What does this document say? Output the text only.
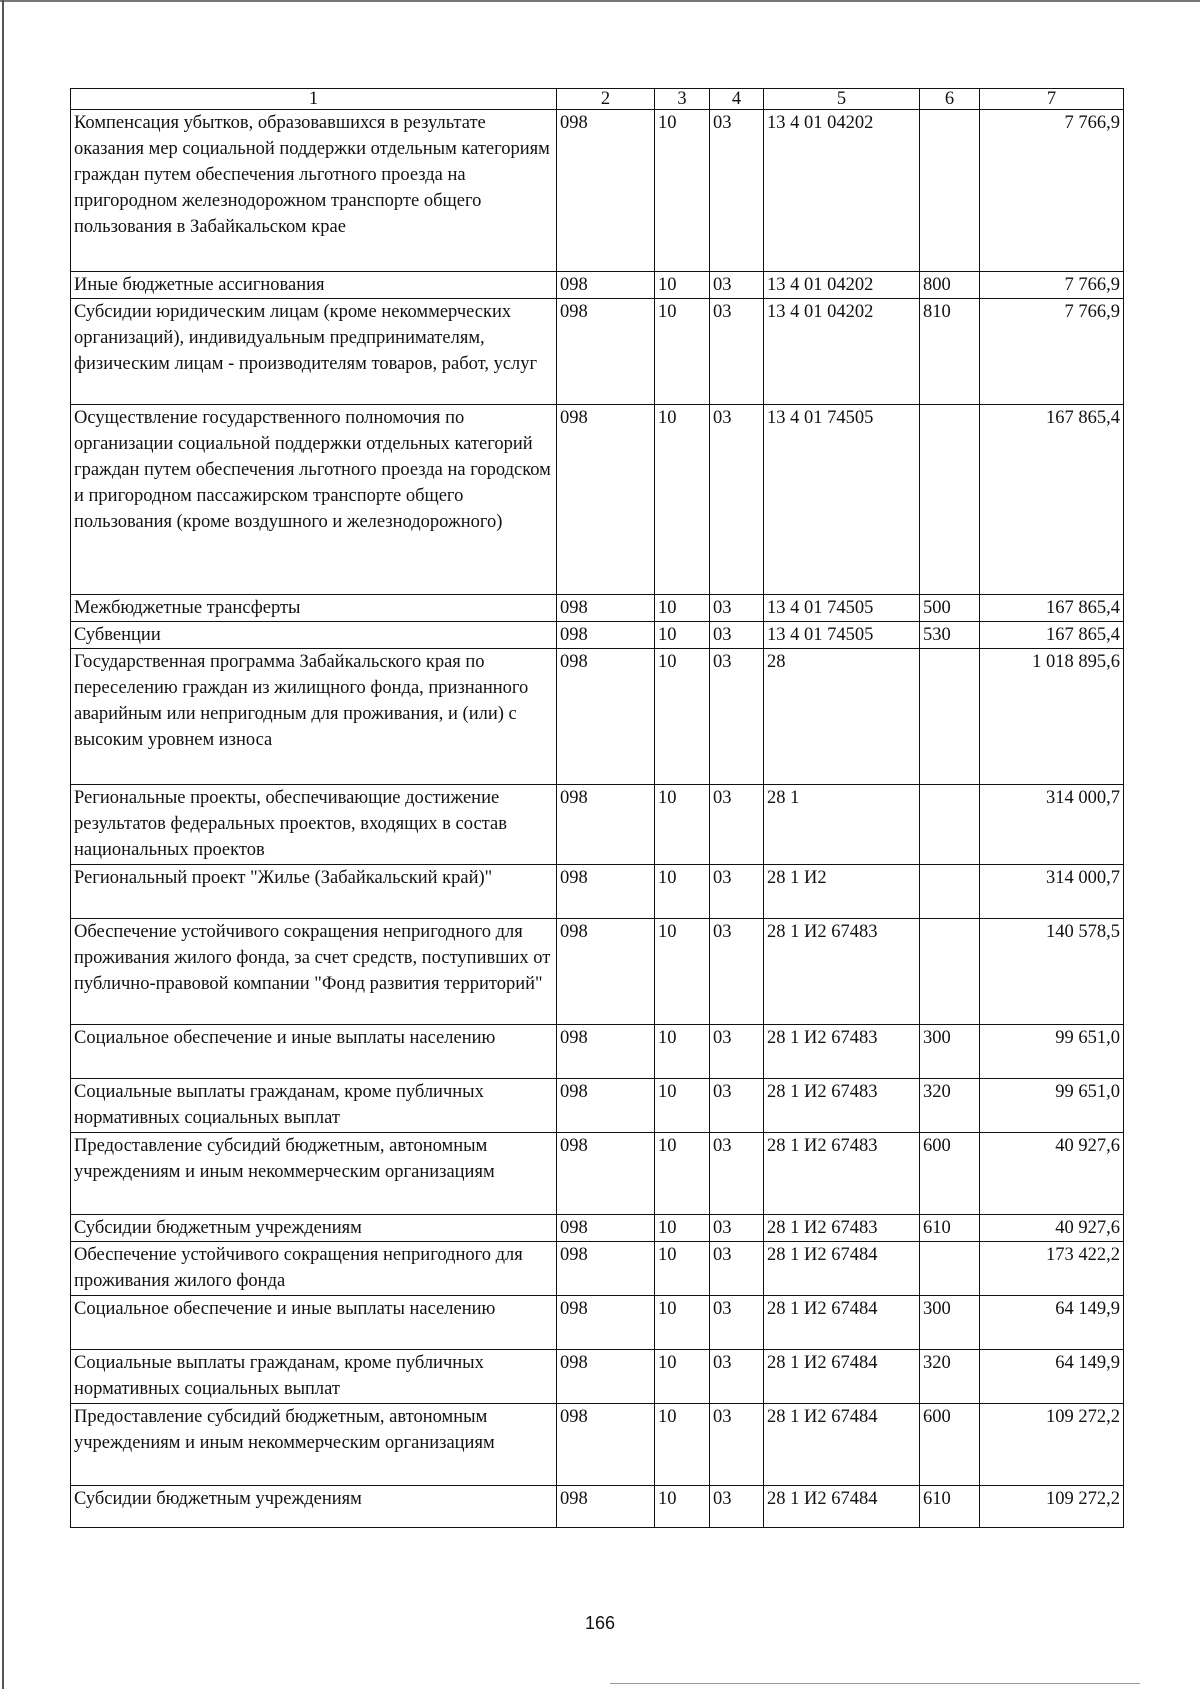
1	2	3	4	5	6	7
Компенсация убытков, образовавшихся в результате оказания мер социальной поддержки отдельным категориям граждан путем обеспечения льготного проезда на пригородном железнодорожном транспорте общего пользования в Забайкальском крае	098	10	03	13 4 01 04202		7 766,9
Иные бюджетные ассигнования	098	10	03	13 4 01 04202	800	7 766,9
Субсидии юридическим лицам (кроме некоммерческих организаций), индивидуальным предпринимателям, физическим лицам - производителям товаров, работ, услуг	098	10	03	13 4 01 04202	810	7 766,9
Осуществление государственного полномочия по организации социальной поддержки отдельных категорий граждан путем обеспечения льготного проезда на городском и пригородном пассажирском транспорте общего пользования (кроме воздушного и железнодорожного)	098	10	03	13 4 01 74505		167 865,4
Межбюджетные трансферты	098	10	03	13 4 01 74505	500	167 865,4
Субвенции	098	10	03	13 4 01 74505	530	167 865,4
Государственная программа Забайкальского края по переселению граждан из жилищного фонда, признанного аварийным или непригодным для проживания, и (или) с высоким уровнем износа	098	10	03	28		1 018 895,6
Региональные проекты, обеспечивающие достижение результатов федеральных проектов, входящих в состав национальных проектов	098	10	03	28 1		314 000,7
Региональный проект "Жилье (Забайкальский край)"	098	10	03	28 1 И2		314 000,7
Обеспечение устойчивого сокращения непригодного для проживания жилого фонда, за счет средств, поступивших от публично-правовой компании "Фонд развития территорий"	098	10	03	28 1 И2 67483		140 578,5
Социальное обеспечение и иные выплаты населению	098	10	03	28 1 И2 67483	300	99 651,0
Социальные выплаты гражданам, кроме публичных нормативных социальных выплат	098	10	03	28 1 И2 67483	320	99 651,0
Предоставление субсидий бюджетным, автономным учреждениям и иным некоммерческим организациям	098	10	03	28 1 И2 67483	600	40 927,6
Субсидии бюджетным учреждениям	098	10	03	28 1 И2 67483	610	40 927,6
Обеспечение устойчивого сокращения непригодного для проживания жилого фонда	098	10	03	28 1 И2 67484		173 422,2
Социальное обеспечение и иные выплаты населению	098	10	03	28 1 И2 67484	300	64 149,9
Социальные выплаты гражданам, кроме публичных нормативных социальных выплат	098	10	03	28 1 И2 67484	320	64 149,9
Предоставление субсидий бюджетным, автономным учреждениям и иным некоммерческим организациям	098	10	03	28 1 И2 67484	600	109 272,2
Субсидии бюджетным учреждениям	098	10	03	28 1 И2 67484	610	109 272,2
166
